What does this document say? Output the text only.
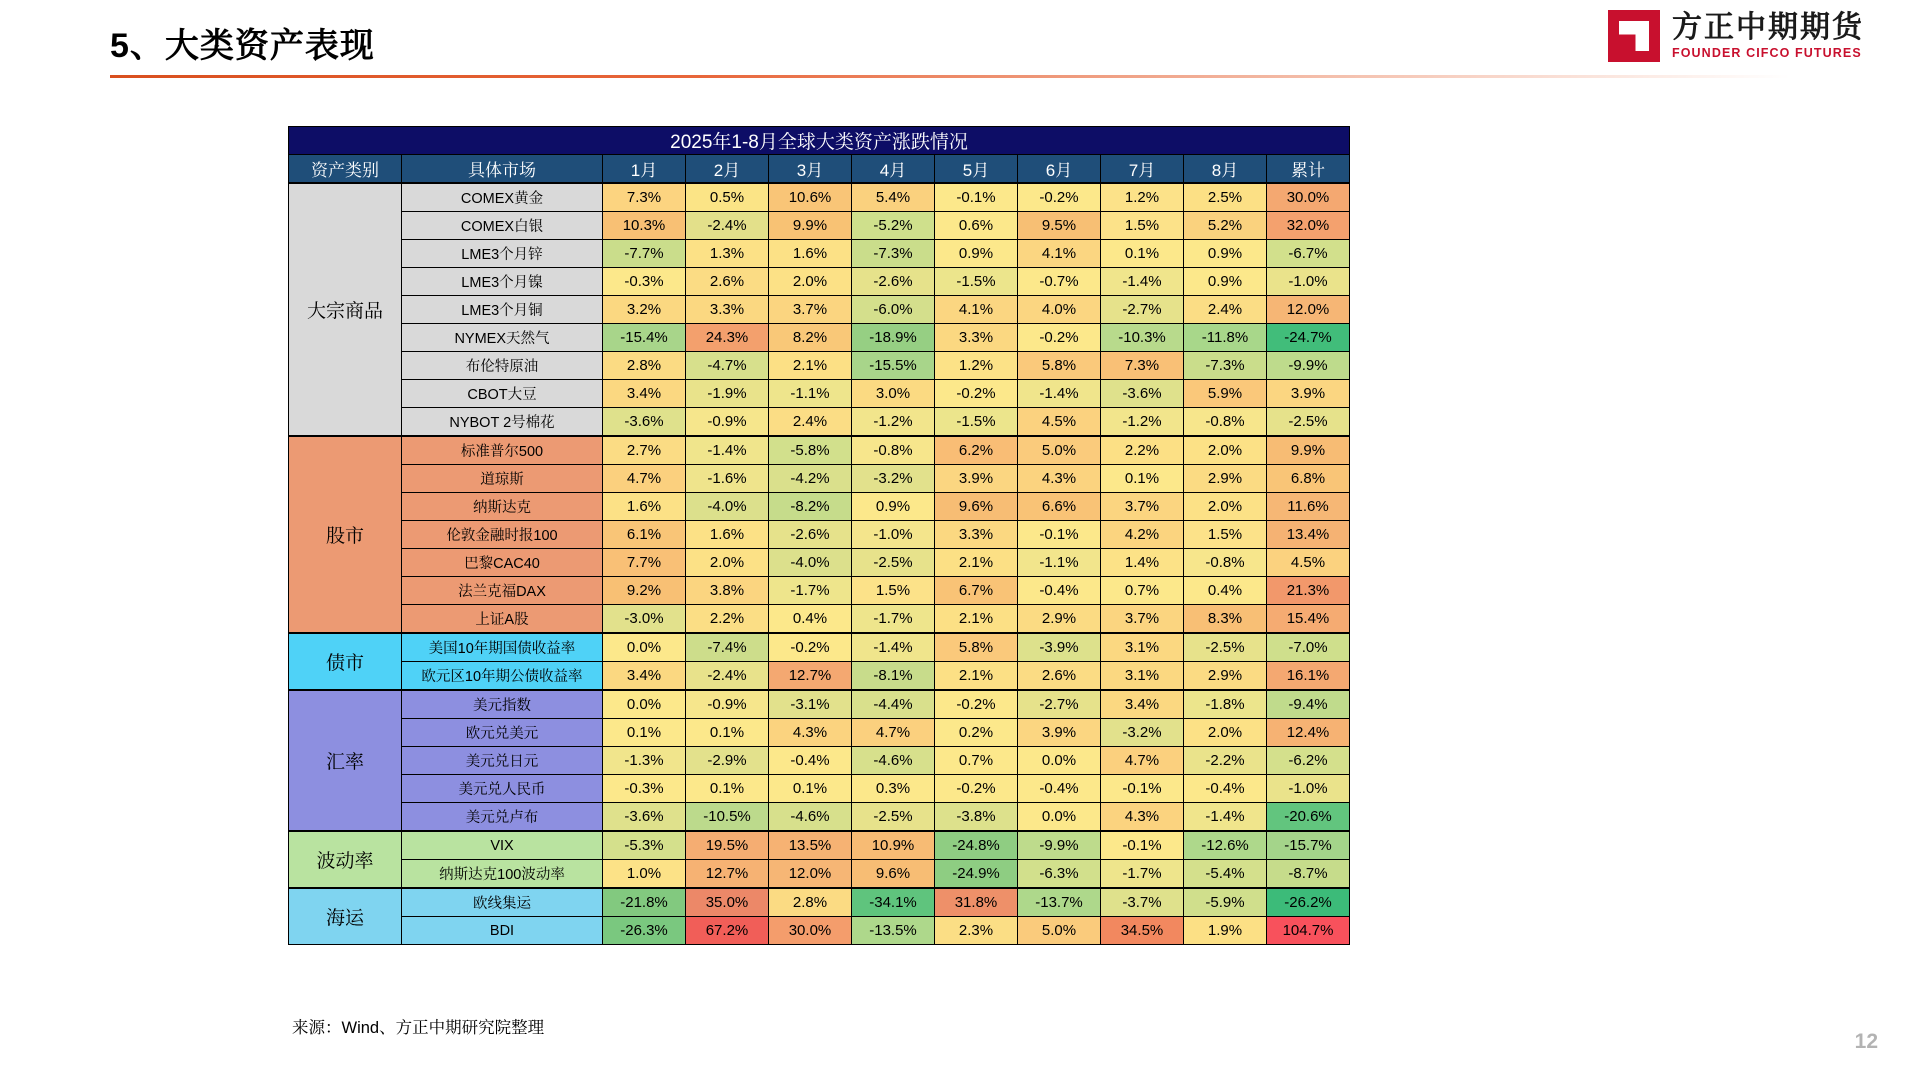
5、大类资产表现	方正中期期货
FOUNDER CIFCO FUTURES
2025年1-8月全球大类资产涨跌情况										
资产类别	具体市场	1月	2月	3月	4月	5月	6月	7月	8月	累计
大宗商品	COMEX黄金	7.3%	0.5%	10.6%	5.4%	-0.1%	-0.2%	1.2%	2.5%	30.0%
	COMEX白银	10.3%	-2.4%	9.9%	-5.2%	0.6%	9.5%	1.5%	5.2%	32.0%
	LME3个月锌	-7.7%	1.3%	1.6%	-7.3%	0.9%	4.1%	0.1%	0.9%	-6.7%
	LME3个月镍	-0.3%	2.6%	2.0%	-2.6%	-1.5%	-0.7%	-1.4%	0.9%	-1.0%
	LME3个月铜	3.2%	3.3%	3.7%	-6.0%	4.1%	4.0%	-2.7%	2.4%	12.0%
	NYMEX天然气	-15.4%	24.3%	8.2%	-18.9%	3.3%	-0.2%	-10.3%	-11.8%	-24.7%
	布伦特原油	2.8%	-4.7%	2.1%	-15.5%	1.2%	5.8%	7.3%	-7.3%	-9.9%
	CBOT大豆	3.4%	-1.9%	-1.1%	3.0%	-0.2%	-1.4%	-3.6%	5.9%	3.9%
	NYBOT 2号棉花	-3.6%	-0.9%	2.4%	-1.2%	-1.5%	4.5%	-1.2%	-0.8%	-2.5%
股市	标准普尔500	2.7%	-1.4%	-5.8%	-0.8%	6.2%	5.0%	2.2%	2.0%	9.9%
	道琼斯	4.7%	-1.6%	-4.2%	-3.2%	3.9%	4.3%	0.1%	2.9%	6.8%
	纳斯达克	1.6%	-4.0%	-8.2%	0.9%	9.6%	6.6%	3.7%	2.0%	11.6%
	伦敦金融时报100	6.1%	1.6%	-2.6%	-1.0%	3.3%	-0.1%	4.2%	1.5%	13.4%
	巴黎CAC40	7.7%	2.0%	-4.0%	-2.5%	2.1%	-1.1%	1.4%	-0.8%	4.5%
	法兰克福DAX	9.2%	3.8%	-1.7%	1.5%	6.7%	-0.4%	0.7%	0.4%	21.3%
	上证A股	-3.0%	2.2%	0.4%	-1.7%	2.1%	2.9%	3.7%	8.3%	15.4%
债市	美国10年期国债收益率	0.0%	-7.4%	-0.2%	-1.4%	5.8%	-3.9%	3.1%	-2.5%	-7.0%
	欧元区10年期公债收益率	3.4%	-2.4%	12.7%	-8.1%	2.1%	2.6%	3.1%	2.9%	16.1%
汇率	美元指数	0.0%	-0.9%	-3.1%	-4.4%	-0.2%	-2.7%	3.4%	-1.8%	-9.4%
	欧元兑美元	0.1%	0.1%	4.3%	4.7%	0.2%	3.9%	-3.2%	2.0%	12.4%
	美元兑日元	-1.3%	-2.9%	-0.4%	-4.6%	0.7%	0.0%	4.7%	-2.2%	-6.2%
	美元兑人民币	-0.3%	0.1%	0.1%	0.3%	-0.2%	-0.4%	-0.1%	-0.4%	-1.0%
	美元兑卢布	-3.6%	-10.5%	-4.6%	-2.5%	-3.8%	0.0%	4.3%	-1.4%	-20.6%
波动率	VIX	-5.3%	19.5%	13.5%	10.9%	-24.8%	-9.9%	-0.1%	-12.6%	-15.7%
	纳斯达克100波动率	1.0%	12.7%	12.0%	9.6%	-24.9%	-6.3%	-1.7%	-5.4%	-8.7%
海运	欧线集运	-21.8%	35.0%	2.8%	-34.1%	31.8%	-13.7%	-3.7%	-5.9%	-26.2%
	BDI	-26.3%	67.2%	30.0%	-13.5%	2.3%	5.0%	34.5%	1.9%	104.7%
来源：Wind、方正中期研究院整理
12
